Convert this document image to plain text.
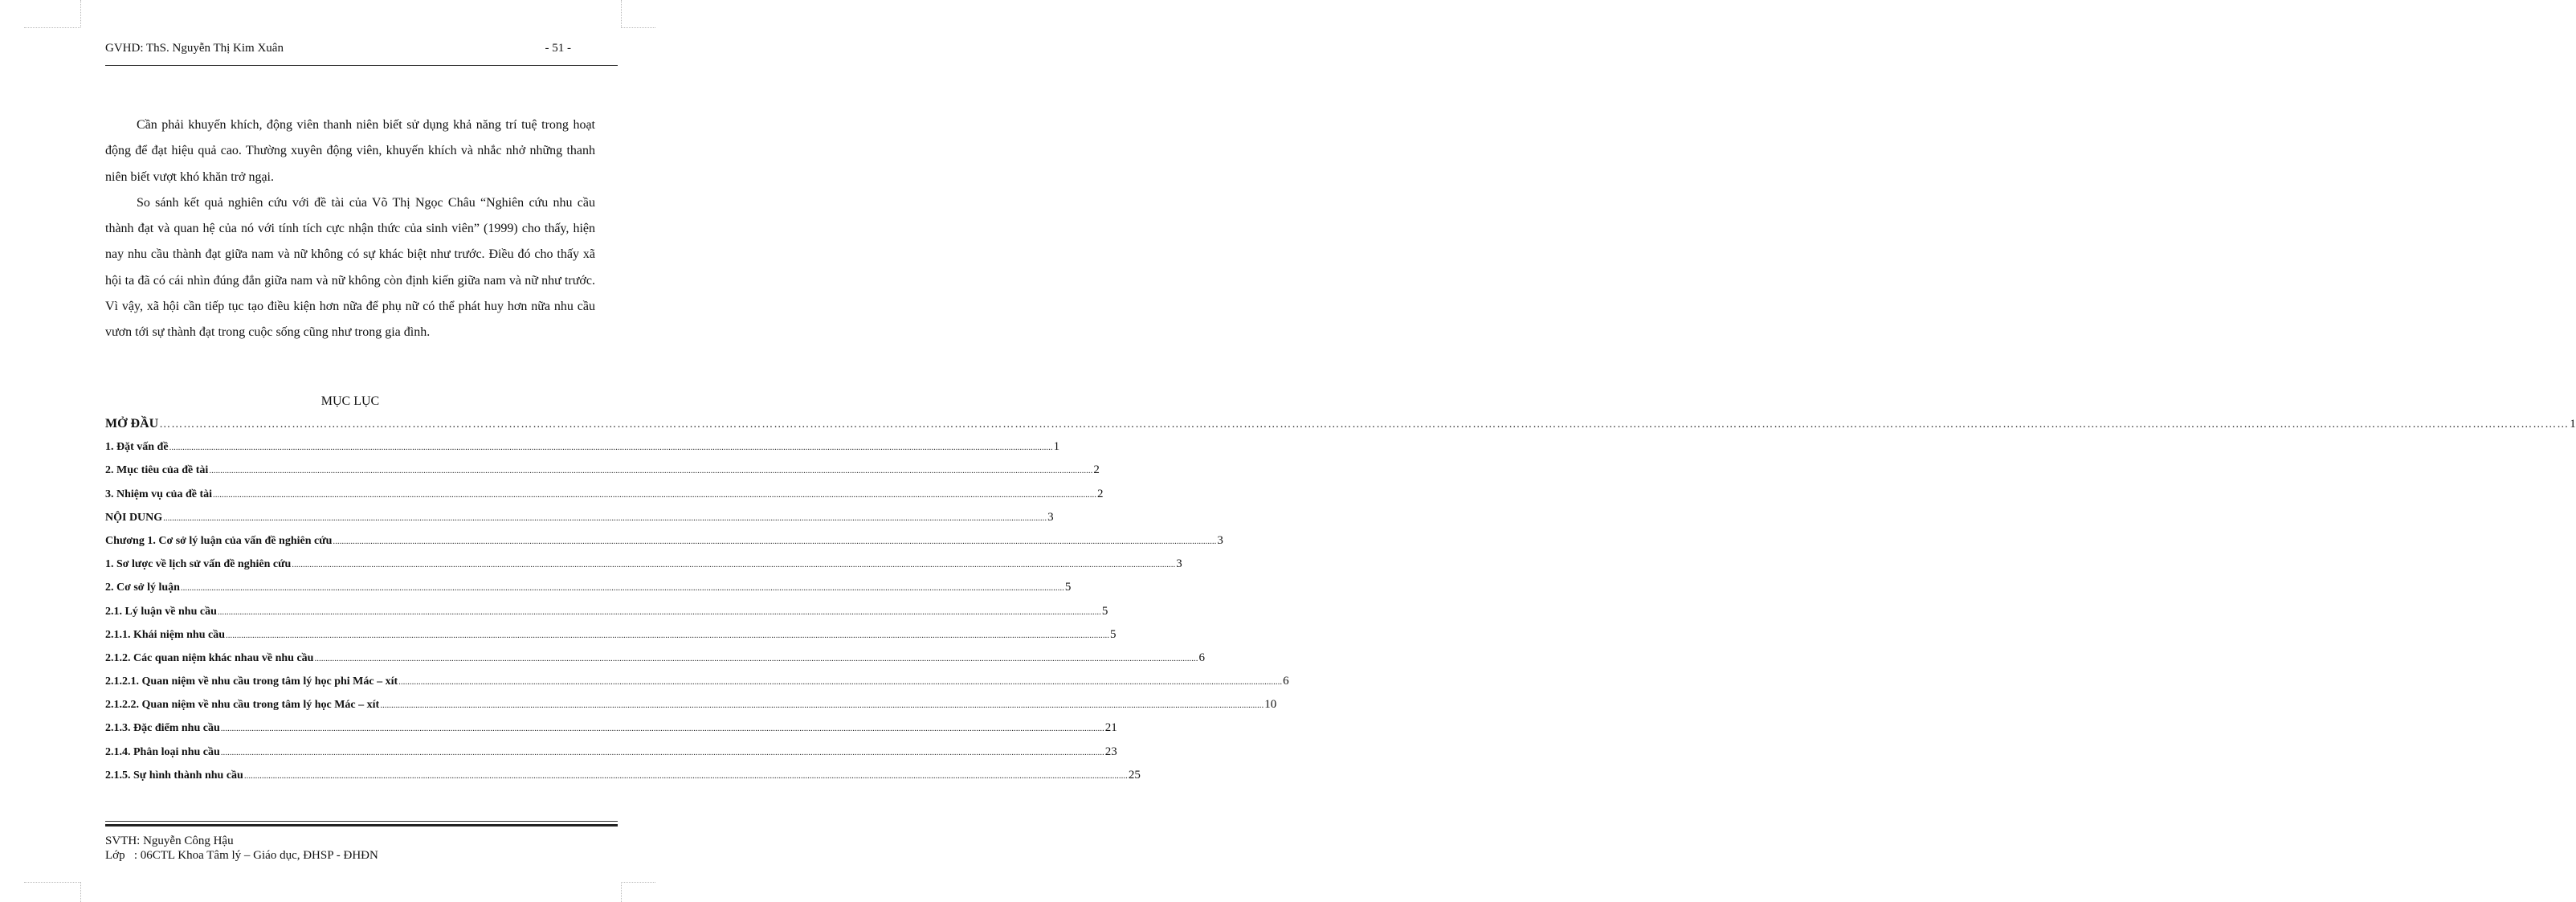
GVHD: ThS. Nguyễn Thị Kim Xuân	- 51 -

Cần phải khuyến khích, động viên thanh niên biết sử dụng khả năng trí tuệ trong hoạt động để đạt hiệu quả cao. Thường xuyên động viên, khuyến khích và nhắc nhở những thanh niên biết vượt khó khăn trở ngại.

So sánh kết quả nghiên cứu với đề tài của Võ Thị Ngọc Châu “Nghiên cứu nhu cầu thành đạt và quan hệ của nó với tính tích cực nhận thức của sinh viên” (1999) cho thấy, hiện nay nhu cầu thành đạt giữa nam và nữ không có sự khác biệt như trước. Điều đó cho thấy xã hội ta đã có cái nhìn đúng đắn giữa nam và nữ không còn định kiến giữa nam và nữ như trước. Vì vậy, xã hội cần tiếp tục tạo điều kiện hơn nữa để phụ nữ có thể phát huy hơn nữa nhu cầu vươn tới sự thành đạt trong cuộc sống cũng như trong gia đình.

MỤC LỤC
MỞ ĐẦU …………………………………………………………………………………………………………………………………………………………………………………………………………………………………………………………………………………………………………………………………………………………………………………………………………………………………………………………………………………………………………………………………………………… 1
1. Đặt vấn đề ................................................................................................................................................................................................................................................................................................................................................................................................................ 1
2. Mục tiêu của đề tài ................................................................................................................................................................................................................................................................................................................................................................................................................ 2
3. Nhiệm vụ của đề tài ................................................................................................................................................................................................................................................................................................................................................................................................................ 2
NỘI DUNG ................................................................................................................................................................................................................................................................................................................................................................................................................ 3
Chương 1. Cơ sở lý luận của vấn đề nghiên cứu ................................................................................................................................................................................................................................................................................................................................................................................................................ 3
1. Sơ lược về lịch sử vấn đề nghiên cứu ................................................................................................................................................................................................................................................................................................................................................................................................................ 3
2. Cơ sở lý luận ................................................................................................................................................................................................................................................................................................................................................................................................................ 5
2.1. Lý luận về nhu cầu ................................................................................................................................................................................................................................................................................................................................................................................................................ 5
2.1.1. Khái niệm nhu cầu ................................................................................................................................................................................................................................................................................................................................................................................................................ 5
2.1.2. Các quan niệm khác nhau về nhu cầu ................................................................................................................................................................................................................................................................................................................................................................................................................ 6
2.1.2.1. Quan niệm về nhu cầu trong tâm lý học phi Mác – xít ................................................................................................................................................................................................................................................................................................................................................................................................................ 6
2.1.2.2. Quan niệm về nhu cầu trong tâm lý học Mác – xít ................................................................................................................................................................................................................................................................................................................................................................................................................ 10
2.1.3. Đặc điểm nhu cầu ................................................................................................................................................................................................................................................................................................................................................................................................................ 21
2.1.4. Phân loại nhu cầu ................................................................................................................................................................................................................................................................................................................................................................................................................ 23
2.1.5. Sự hình thành nhu cầu ................................................................................................................................................................................................................................................................................................................................................................................................................ 25
SVTH: Nguyễn Công Hậu
Lớp   : 06CTL Khoa Tâm lý – Giáo dục, ĐHSP - ĐHĐN
